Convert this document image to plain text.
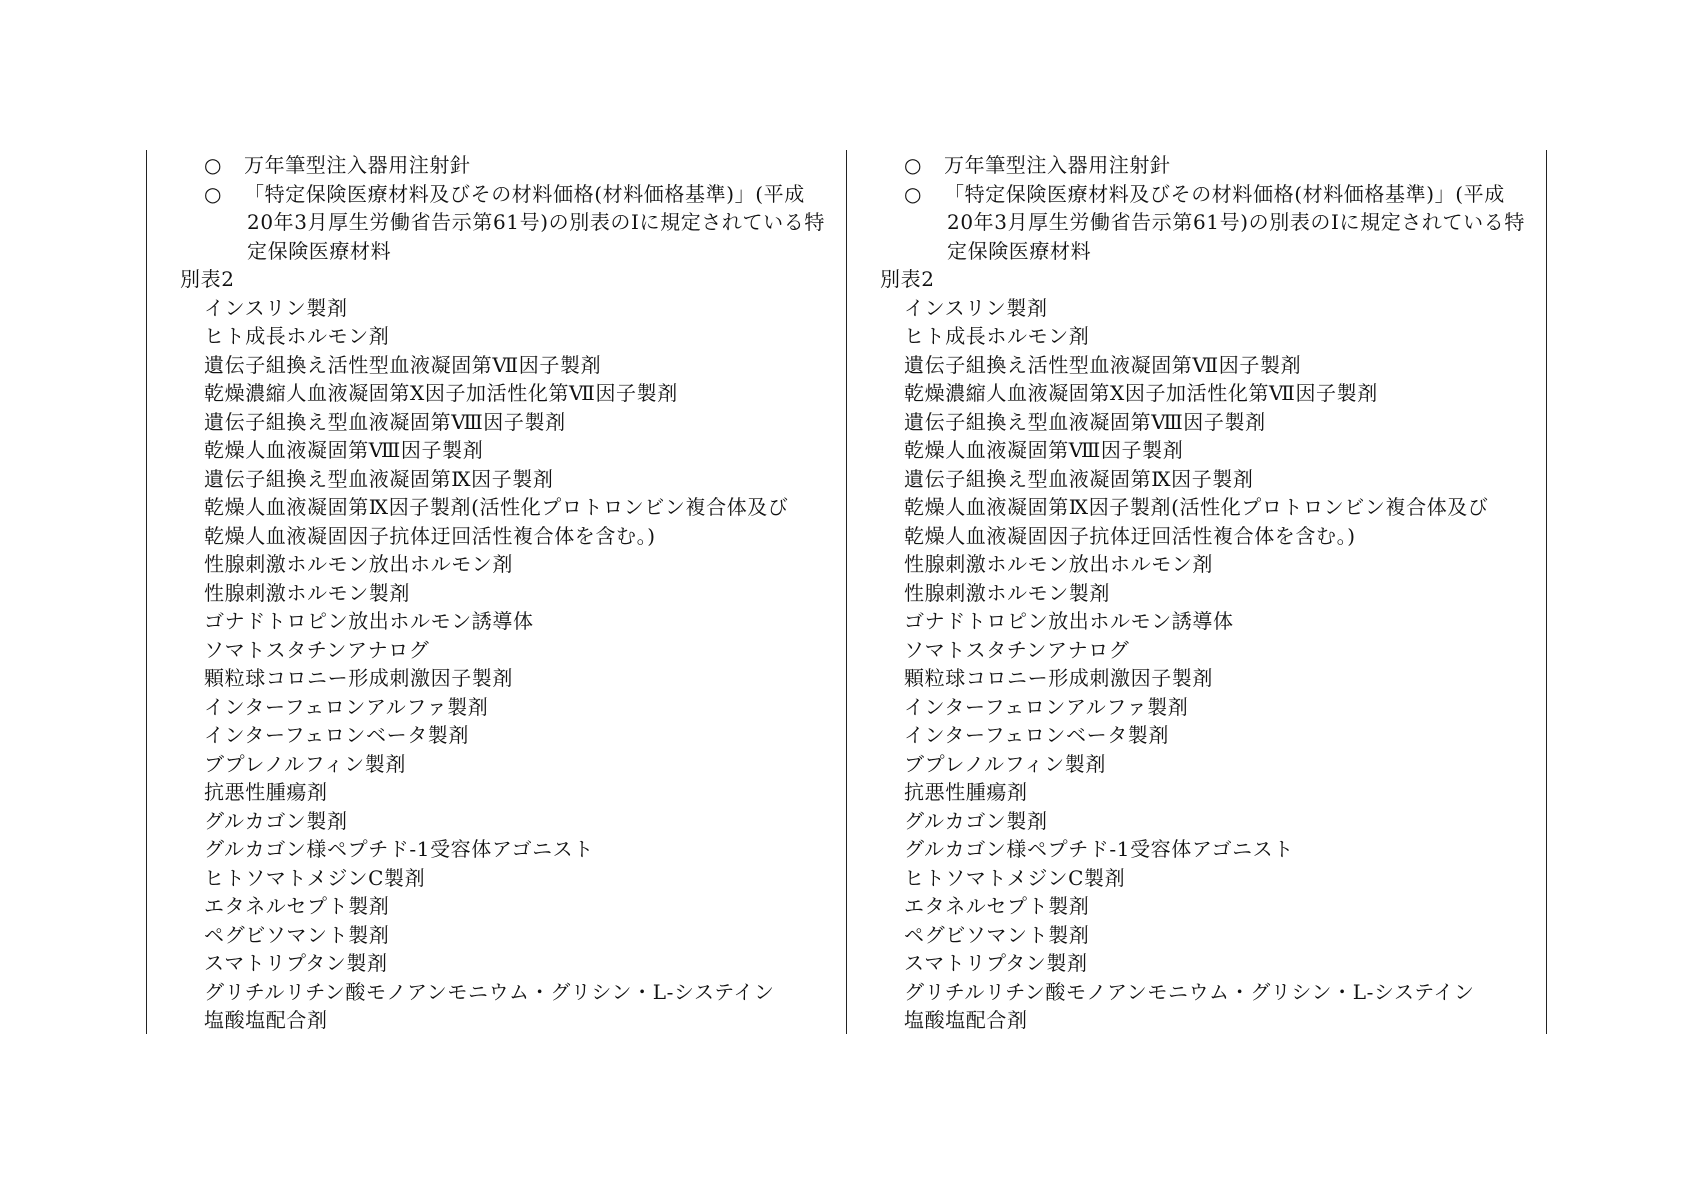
○ 万年筆型注入器用注射針
○ 「特定保険医療材料及びその材料価格(材料価格基準)」(平成
20年3月厚生労働省告示第61号)の別表のⅠに規定されている特
定保険医療材料
別表2
インスリン製剤
ヒト成長ホルモン剤
遺伝子組換え活性型血液凝固第Ⅶ因子製剤
乾燥濃縮人血液凝固第Ⅹ因子加活性化第Ⅶ因子製剤
遺伝子組換え型血液凝固第Ⅷ因子製剤
乾燥人血液凝固第Ⅷ因子製剤
遺伝子組換え型血液凝固第Ⅸ因子製剤
乾燥人血液凝固第Ⅸ因子製剤(活性化プロトロンビン複合体及び
乾燥人血液凝固因子抗体迂回活性複合体を含む。)
性腺刺激ホルモン放出ホルモン剤
性腺刺激ホルモン製剤
ゴナドトロピン放出ホルモン誘導体
ソマトスタチンアナログ
顆粒球コロニー形成刺激因子製剤
インターフェロンアルファ製剤
インターフェロンベータ製剤
ブプレノルフィン製剤
抗悪性腫瘍剤
グルカゴン製剤
グルカゴン様ペプチド-1受容体アゴニスト
ヒトソマトメジンC製剤
エタネルセプト製剤
ペグビソマント製剤
スマトリプタン製剤
グリチルリチン酸モノアンモニウム・グリシン・L-システイン
塩酸塩配合剤
○ 万年筆型注入器用注射針
○ 「特定保険医療材料及びその材料価格(材料価格基準)」(平成
20年3月厚生労働省告示第61号)の別表のⅠに規定されている特
定保険医療材料
別表2
インスリン製剤
ヒト成長ホルモン剤
遺伝子組換え活性型血液凝固第Ⅶ因子製剤
乾燥濃縮人血液凝固第Ⅹ因子加活性化第Ⅶ因子製剤
遺伝子組換え型血液凝固第Ⅷ因子製剤
乾燥人血液凝固第Ⅷ因子製剤
遺伝子組換え型血液凝固第Ⅸ因子製剤
乾燥人血液凝固第Ⅸ因子製剤(活性化プロトロンビン複合体及び
乾燥人血液凝固因子抗体迂回活性複合体を含む。)
性腺刺激ホルモン放出ホルモン剤
性腺刺激ホルモン製剤
ゴナドトロピン放出ホルモン誘導体
ソマトスタチンアナログ
顆粒球コロニー形成刺激因子製剤
インターフェロンアルファ製剤
インターフェロンベータ製剤
ブプレノルフィン製剤
抗悪性腫瘍剤
グルカゴン製剤
グルカゴン様ペプチド-1受容体アゴニスト
ヒトソマトメジンC製剤
エタネルセプト製剤
ペグビソマント製剤
スマトリプタン製剤
グリチルリチン酸モノアンモニウム・グリシン・L-システイン
塩酸塩配合剤
